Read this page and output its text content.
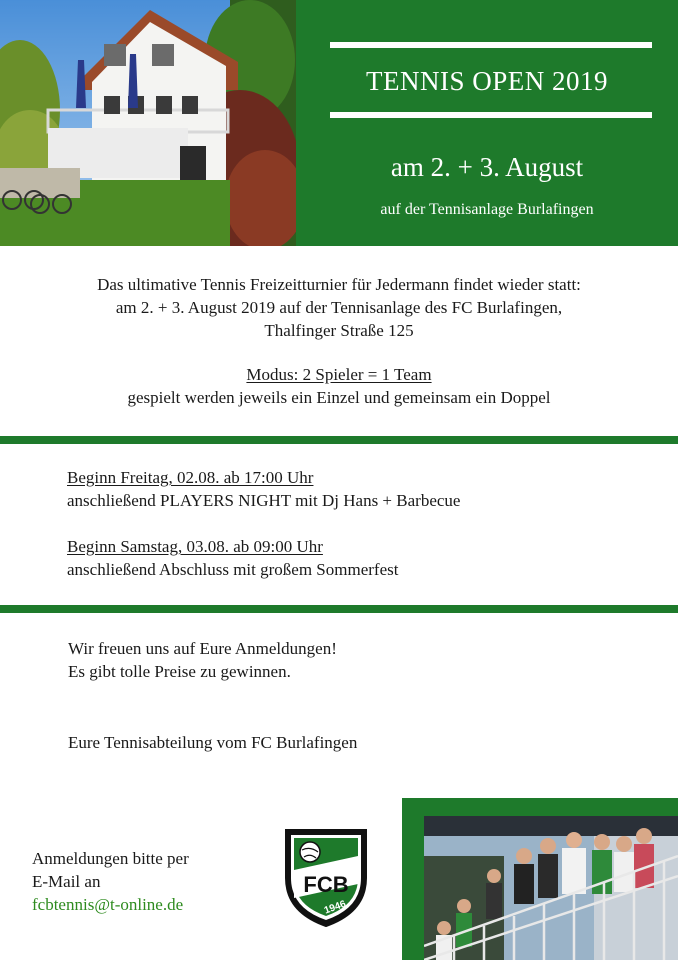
TENNIS OPEN 2019
am 2. + 3. August
auf der Tennisanlage Burlafingen
Das ultimative Tennis Freizeitturnier für Jedermann findet wieder statt:
am 2. + 3. August 2019 auf der Tennisanlage des FC Burlafingen,
Thalfinger Straße 125
Modus: 2 Spieler = 1 Team
gespielt werden jeweils ein Einzel und gemeinsam ein Doppel
Beginn Freitag, 02.08. ab 17:00 Uhr
anschließend PLAYERS NIGHT mit Dj Hans + Barbecue
Beginn Samstag, 03.08. ab 09:00 Uhr
anschließend Abschluss mit großem Sommerfest
Wir freuen uns auf Eure Anmeldungen!
Es gibt tolle Preise zu gewinnen.
Eure Tennisabteilung vom FC Burlafingen
Anmeldungen bitte per
E-Mail an
fcbtennis@t-online.de
FCB
1946
